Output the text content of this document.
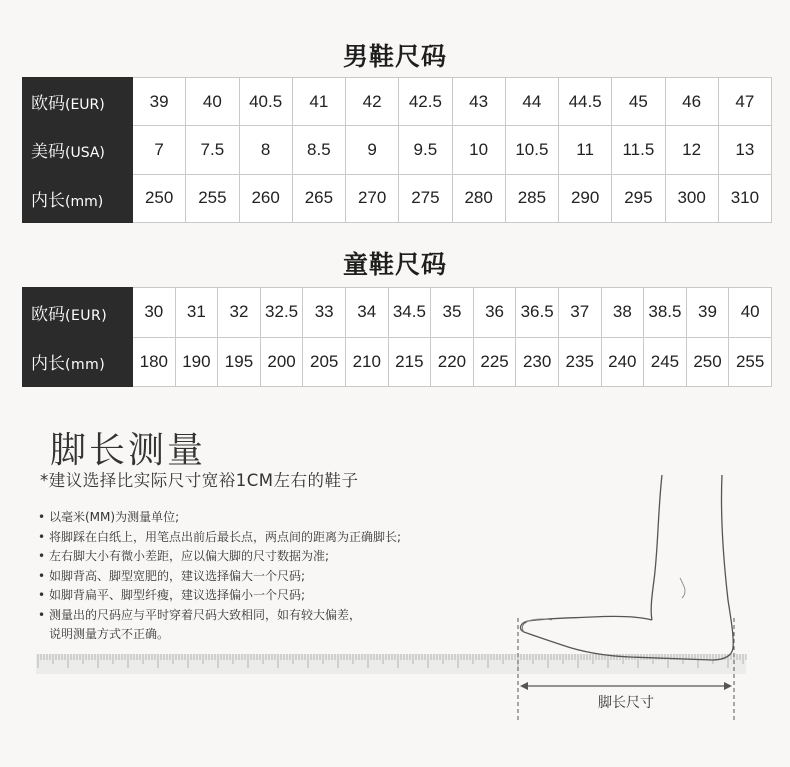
男鞋尺码
欧码(EUR)	39	40	40.5	41	42	42.5	43	44	44.5	45	46	47
美码(USA)	7	7.5	8	8.5	9	9.5	10	10.5	11	11.5	12	13
内长(mm)	250	255	260	265	270	275	280	285	290	295	300	310
童鞋尺码
欧码(EUR)	30	31	32	32.5	33	34	34.5	35	36	36.5	37	38	38.5	39	40
内长(mm)	180	190	195	200	205	210	215	220	225	230	235	240	245	250	255
脚长测量
*建议选择比实际尺寸宽裕1CM左右的鞋子
• 以毫米(MM)为测量单位;
• 将脚踩在白纸上，用笔点出前后最长点，两点间的距离为正确脚长;
• 左右脚大小有微小差距，应以偏大脚的尺寸数据为准;
• 如脚背高、脚型宽肥的，建议选择偏大一个尺码;
• 如脚背扁平、脚型纤瘦，建议选择偏小一个尺码;
• 测量出的尺码应与平时穿着尺码大致相同，如有较大偏差，
说明测量方式不正确。
脚长尺寸
